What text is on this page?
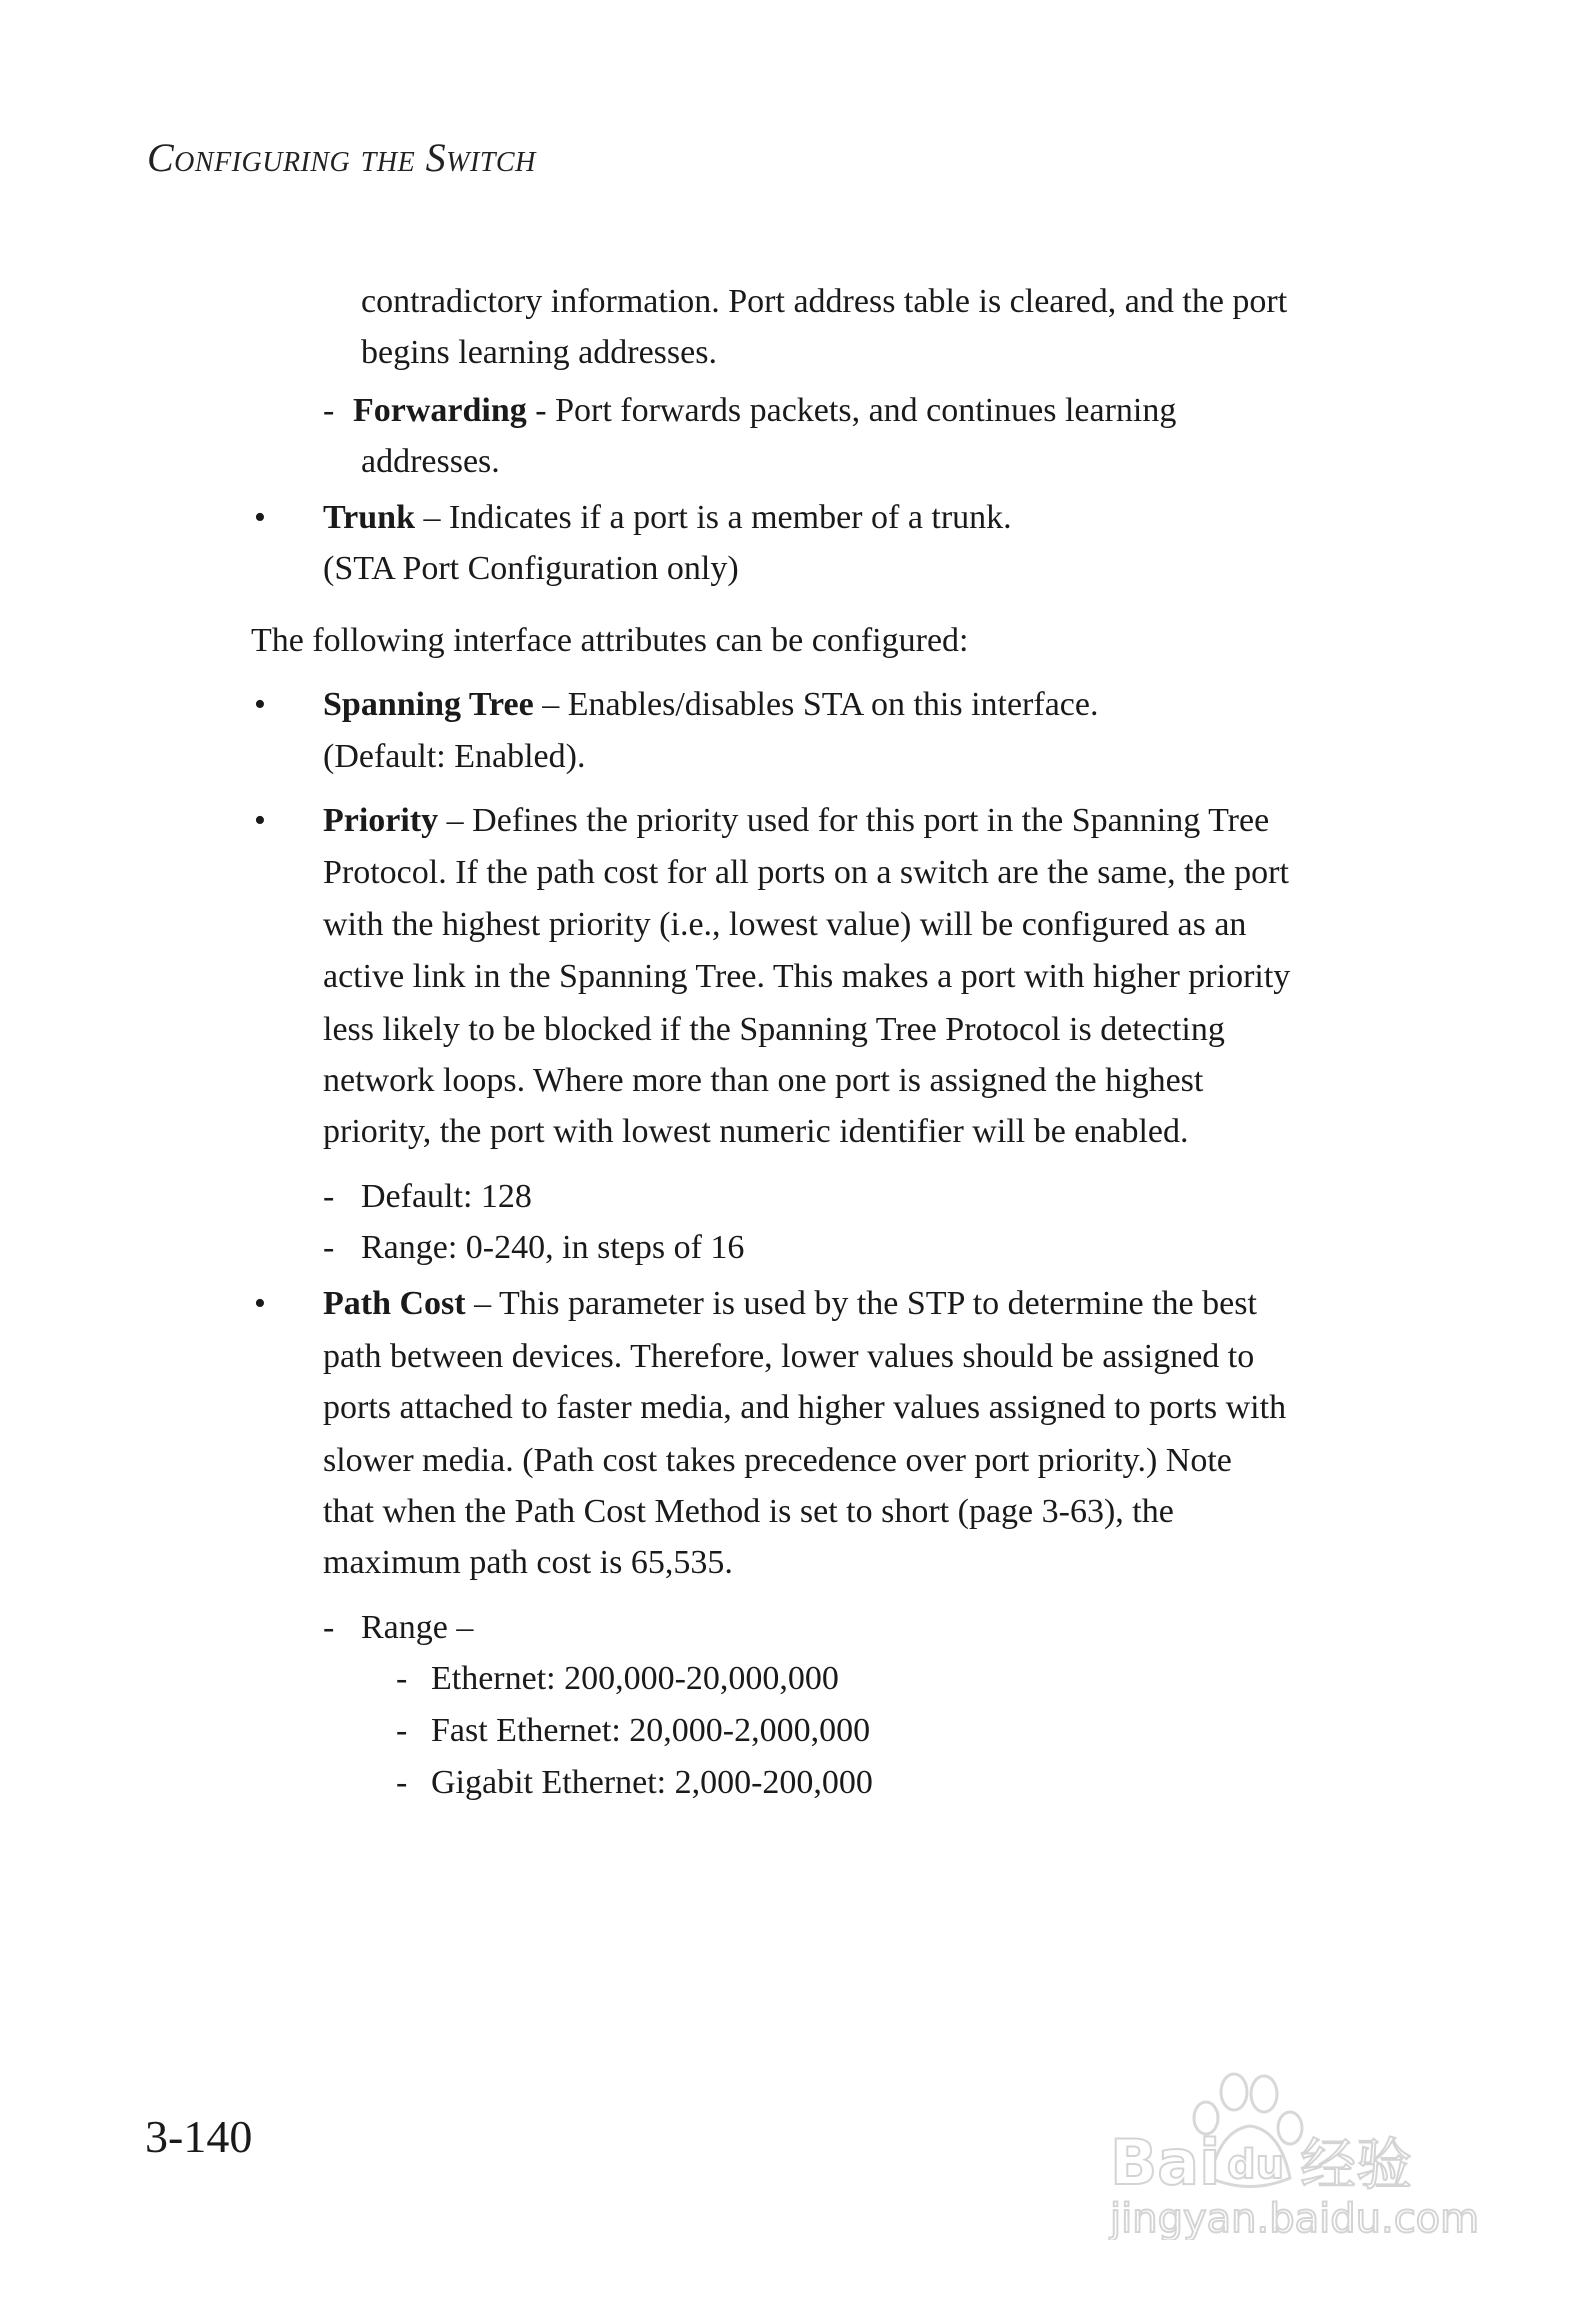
Configuring the Switch
contradictory information. Port address table is cleared, and the port
begins learning addresses.
- Forwarding - Port forwards packets, and continues learning
addresses.
• Trunk – Indicates if a port is a member of a trunk.
(STA Port Configuration only)
The following interface attributes can be configured:
• Spanning Tree – Enables/disables STA on this interface.
(Default: Enabled).
• Priority – Defines the priority used for this port in the Spanning Tree
Protocol. If the path cost for all ports on a switch are the same, the port
with the highest priority (i.e., lowest value) will be configured as an
active link in the Spanning Tree. This makes a port with higher priority
less likely to be blocked if the Spanning Tree Protocol is detecting
network loops. Where more than one port is assigned the highest
priority, the port with lowest numeric identifier will be enabled.
- Default: 128
- Range: 0-240, in steps of 16
• Path Cost – This parameter is used by the STP to determine the best
path between devices. Therefore, lower values should be assigned to
ports attached to faster media, and higher values assigned to ports with
slower media. (Path cost takes precedence over port priority.) Note
that when the Path Cost Method is set to short (page 3-63), the
maximum path cost is 65,535.
- Range –
- Ethernet: 200,000-20,000,000
- Fast Ethernet: 20,000-2,000,000
- Gigabit Ethernet: 2,000-200,000
3-140	Bai du 经验
jingyan.baidu.com
